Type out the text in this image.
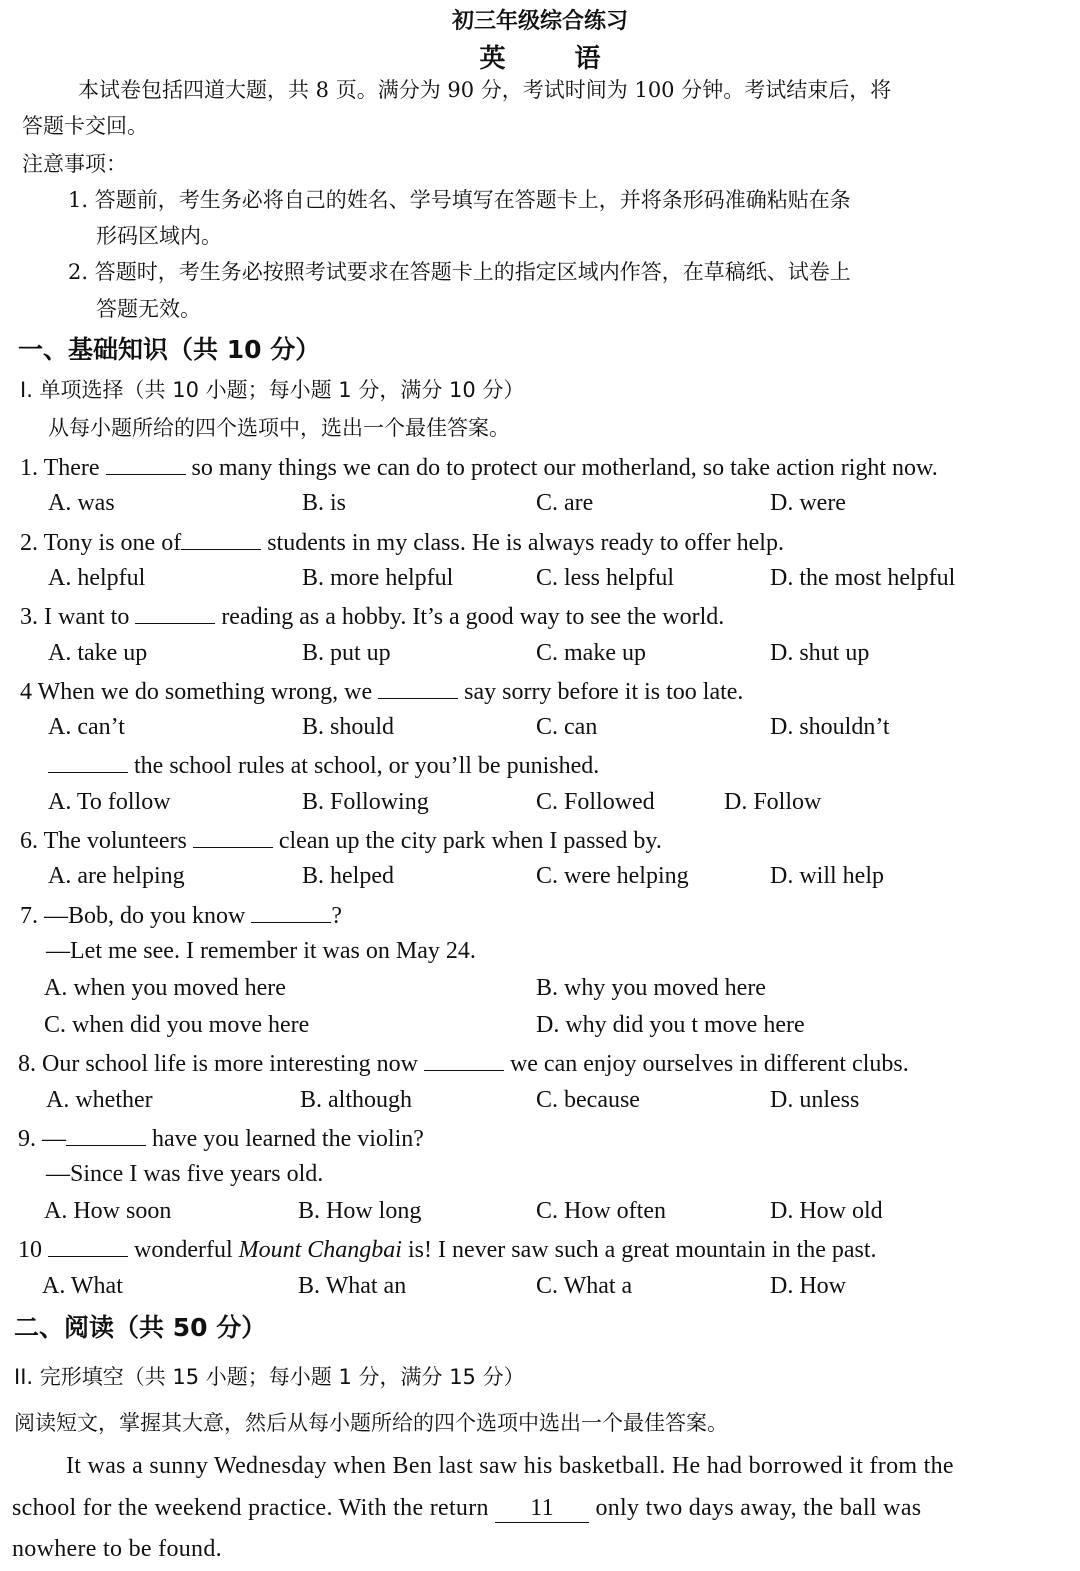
初三年级综合练习
英 语
本试卷包括四道大题，共 8 页。满分为 90 分，考试时间为 100 分钟。考试结束后，将
答题卡交回。
注意事项：
1. 答题前，考生务必将自己的姓名、学号填写在答题卡上，并将条形码准确粘贴在条
形码区域内。
2. 答题时，考生务必按照考试要求在答题卡上的指定区域内作答，在草稿纸、试卷上
答题无效。
一、基础知识（共 10 分）
I. 单项选择（共 10 小题；每小题 1 分，满分 10 分）
从每小题所给的四个选项中，选出一个最佳答案。
1. There	so many things we can do to protect our motherland, so take action right now.
A. was	B. is	C. are	D. were
2. Tony is one of	students in my class. He is always ready to offer help.
A. helpful	B. more helpful	C. less helpful	D. the most helpful
3. I want to	reading as a hobby. It’s a good way to see the world.
A. take up	B. put up	C. make up	D. shut up
4 When we do something wrong, we	say sorry before it is too late.
A. can’t	B. should	C. can	D. shouldn’t
the school rules at school, or you’ll be punished.
A. To follow	B. Following	C. Followed	D. Follow
6. The volunteers	clean up the city park when I passed by.
A. are helping	B. helped	C. were helping	D. will help
7. —Bob, do you know	?
—Let me see. I remember it was on May 24.
A. when you moved here	B. why you moved here
C. when did you move here	D. why did you t move here
8. Our school life is more interesting now	we can enjoy ourselves in different clubs.
A. whether	B. although	C. because	D. unless
9. —	have you learned the violin?
—Since I was five years old.
A. How soon	B. How long	C. How often	D. How old
10	wonderful Mount Changbai is! I never saw such a great mountain in the past.
A. What	B. What an	C. What a	D. How
二、阅读（共 50 分）
II. 完形填空（共 15 小题；每小题 1 分，满分 15 分）
阅读短文，掌握其大意，然后从每小题所给的四个选项中选出一个最佳答案。
It was a sunny Wednesday when Ben last saw his basketball. He had borrowed it from the
school for the weekend practice. With the return 11 only two days away, the ball was
nowhere to be found.
